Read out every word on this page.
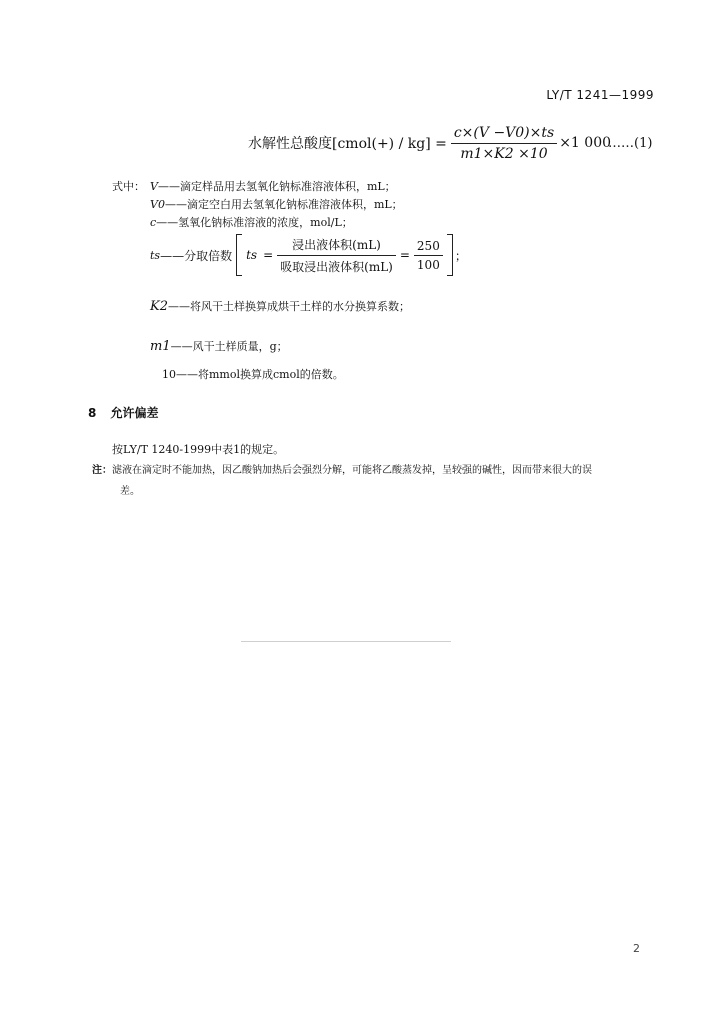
LY/T 1241—1999
水解性总酸度[cmol(+) / $kg] = \frac{c\times(V -V0)\times ts}{m1\times K2 \times 10} \times 1$ 000
……(1)
式中： V——滴定样品用去氢氧化钠标准溶液体积，mL；
V0——滴定空白用去氢氧化钠标准溶液体积，mL；
c——氢氧化钠标准溶液的浓度，mol/L；
ts ——分取倍数 ts = $\frac{\text{浸出液体积(mL)}}{\text{吸取浸出液体积(mL)}} = \frac{250}{100}$ ；
K2——将风干土样换算成烘干土样的水分换算系数；
m1——风干土样质量，g；
10——将mmol换算成cmol的倍数。
8 允许偏差
按LY/T 1240-1999中表1的规定。
注：滤液在滴定时不能加热，因乙酸钠加热后会强烈分解，可能将乙酸蒸发掉，呈较强的碱性，因而带来很大的误
差。
2
